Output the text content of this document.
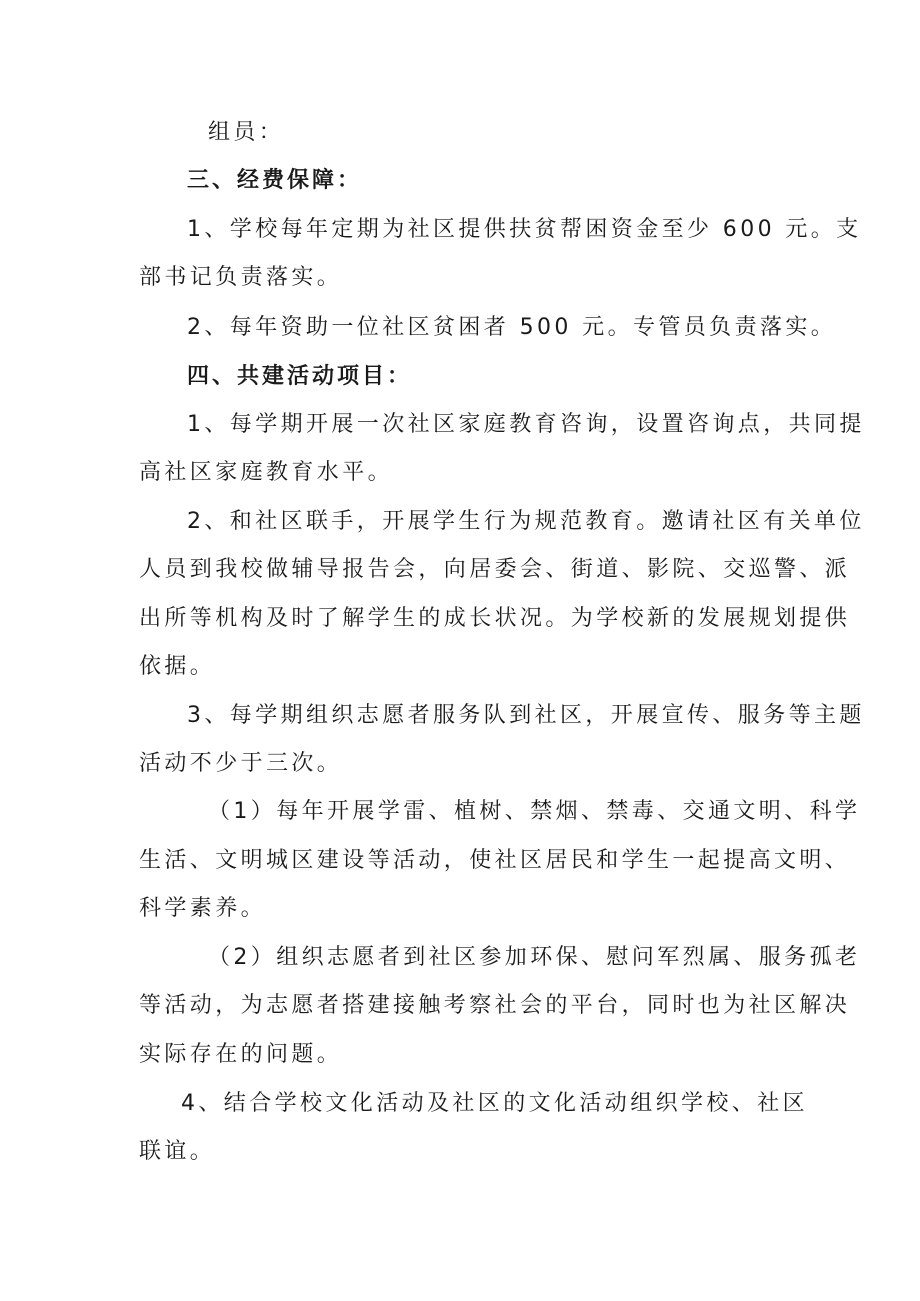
组员：
三、经费保障：
1、学校每年定期为社区提供扶贫帮困资金至少 600 元。支
部书记负责落实。
2、每年资助一位社区贫困者 500 元。专管员负责落实。
四、共建活动项目：
1、每学期开展一次社区家庭教育咨询，设置咨询点，共同提
高社区家庭教育水平。
2、和社区联手，开展学生行为规范教育。邀请社区有关单位
人员到我校做辅导报告会，向居委会、街道、影院、交巡警、派
出所等机构及时了解学生的成长状况。为学校新的发展规划提供
依据。
3、每学期组织志愿者服务队到社区，开展宣传、服务等主题
活动不少于三次。
（1）每年开展学雷、植树、禁烟、禁毒、交通文明、科学
生活、文明城区建设等活动，使社区居民和学生一起提高文明、
科学素养。
（2）组织志愿者到社区参加环保、慰问军烈属、服务孤老
等活动，为志愿者搭建接触考察社会的平台，同时也为社区解决
实际存在的问题。
4、结合学校文化活动及社区的文化活动组织学校、社区
联谊。
